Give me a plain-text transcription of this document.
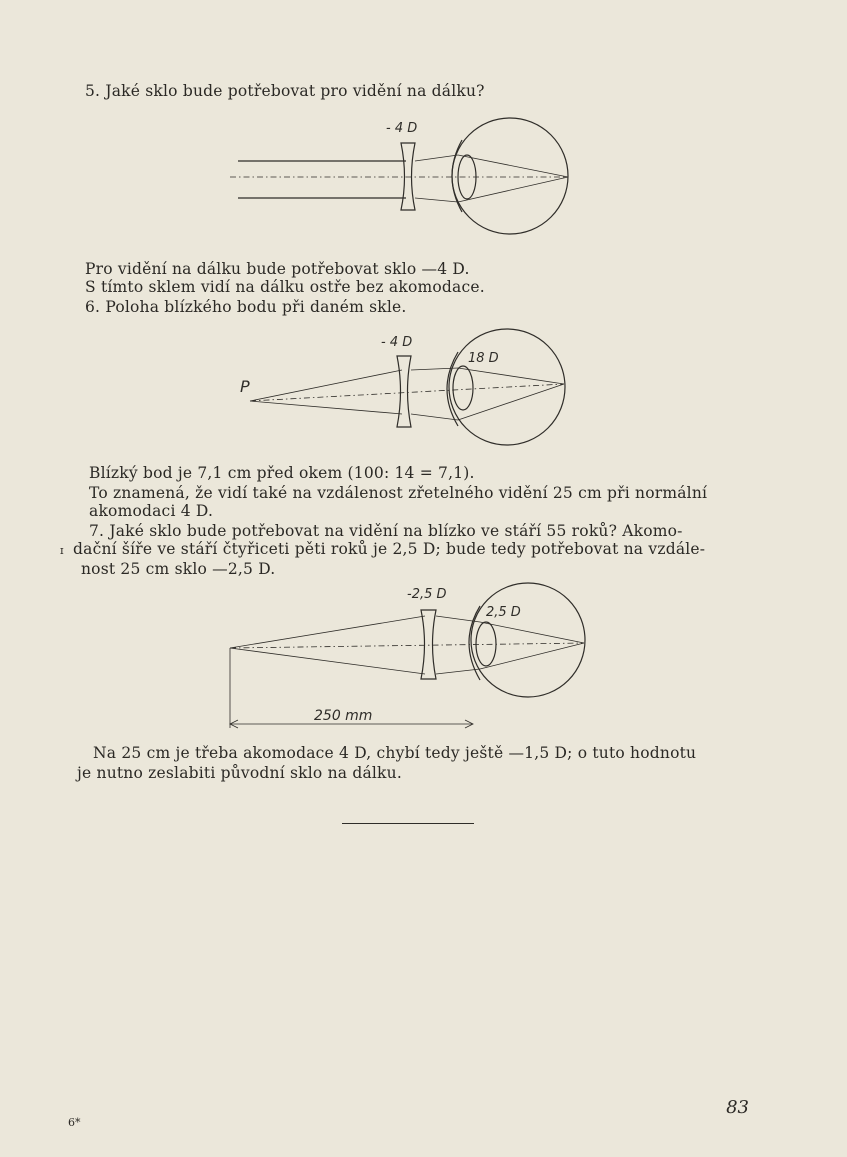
5. Jaké sklo bude potřebovat pro vidění na dálku?

- 4 D

Pro vidění na dálku bude potřebovat sklo —4 D.

S tímto sklem vidí na dálku ostře bez akomodace.

6. Poloha blízkého bodu při daném skle.

- 4 D
18 D
P

Blízký bod je 7,1 cm před okem (100: 14 = 7,1).

To znamená, že vidí také na vzdálenost zřetelného vidění 25 cm při normální

akomodaci 4 D.

7. Jaké sklo bude potřebovat na vidění na blízko ve stáří 55 roků? Akomo-

ɪ dační šíře ve stáří čtyřiceti pěti roků je 2,5 D; bude tedy potřebovat na vzdále-

nost 25 cm sklo —2,5 D.

-2,5 D
2,5 D
250 mm

Na 25 cm je třeba akomodace 4 D, chybí tedy ještě —1,5 D; o tuto hodnotu

je nutno zeslabiti původní sklo na dálku.

6*
83
